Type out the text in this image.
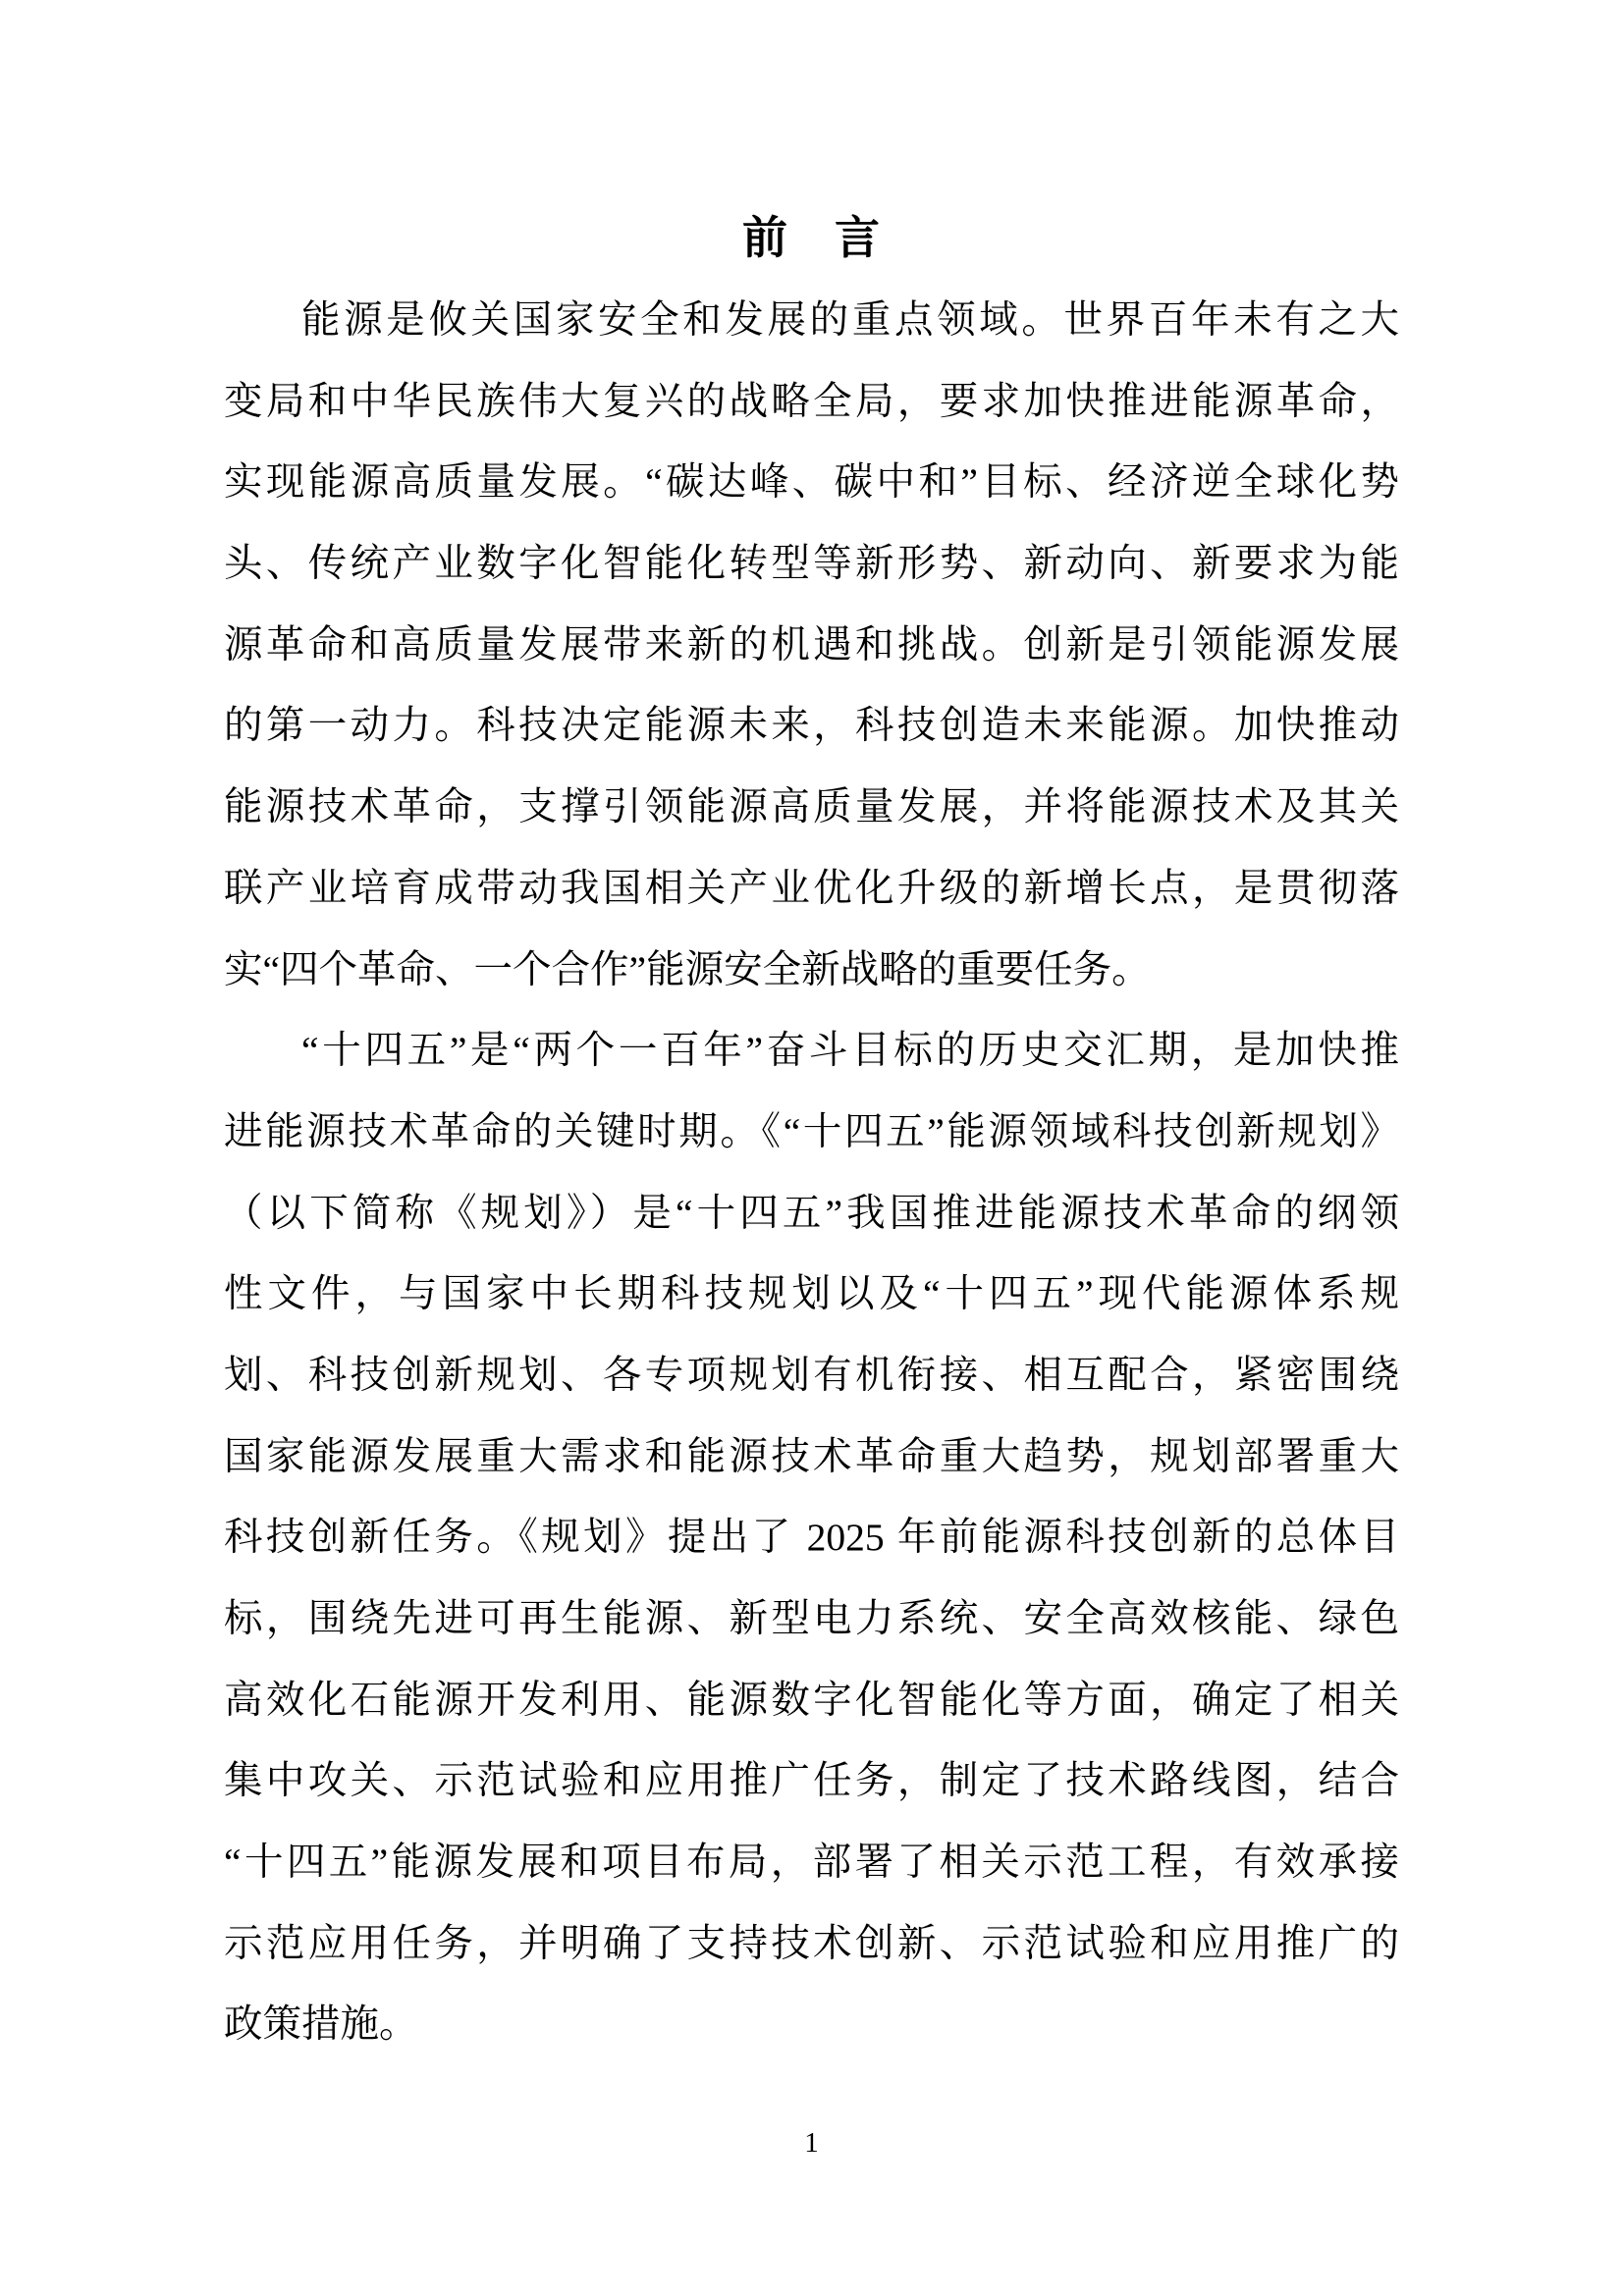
前　言
能源是攸关国家安全和发展的重点领域。世界百年未有之大
变局和中华民族伟大复兴的战略全局，要求加快推进能源革命，
实现能源高质量发展。“碳达峰、碳中和”目标、经济逆全球化势
头、传统产业数字化智能化转型等新形势、新动向、新要求为能
源革命和高质量发展带来新的机遇和挑战。创新是引领能源发展
的第一动力。科技决定能源未来，科技创造未来能源。加快推动
能源技术革命，支撑引领能源高质量发展，并将能源技术及其关
联产业培育成带动我国相关产业优化升级的新增长点，是贯彻落
实“四个革命、一个合作”能源安全新战略的重要任务。
“十四五”是“两个一百年”奋斗目标的历史交汇期，是加快推
进能源技术革命的关键时期。《“十四五”能源领域科技创新规划》
（以下简称《规划》）是“十四五”我国推进能源技术革命的纲领
性文件，与国家中长期科技规划以及“十四五”现代能源体系规
划、科技创新规划、各专项规划有机衔接、相互配合，紧密围绕
国家能源发展重大需求和能源技术革命重大趋势，规划部署重大
科技创新任务。《规划》提出了 2025 年前能源科技创新的总体目
标，围绕先进可再生能源、新型电力系统、安全高效核能、绿色
高效化石能源开发利用、能源数字化智能化等方面，确定了相关
集中攻关、示范试验和应用推广任务，制定了技术路线图，结合
“十四五”能源发展和项目布局，部署了相关示范工程，有效承接
示范应用任务，并明确了支持技术创新、示范试验和应用推广的
政策措施。
1
